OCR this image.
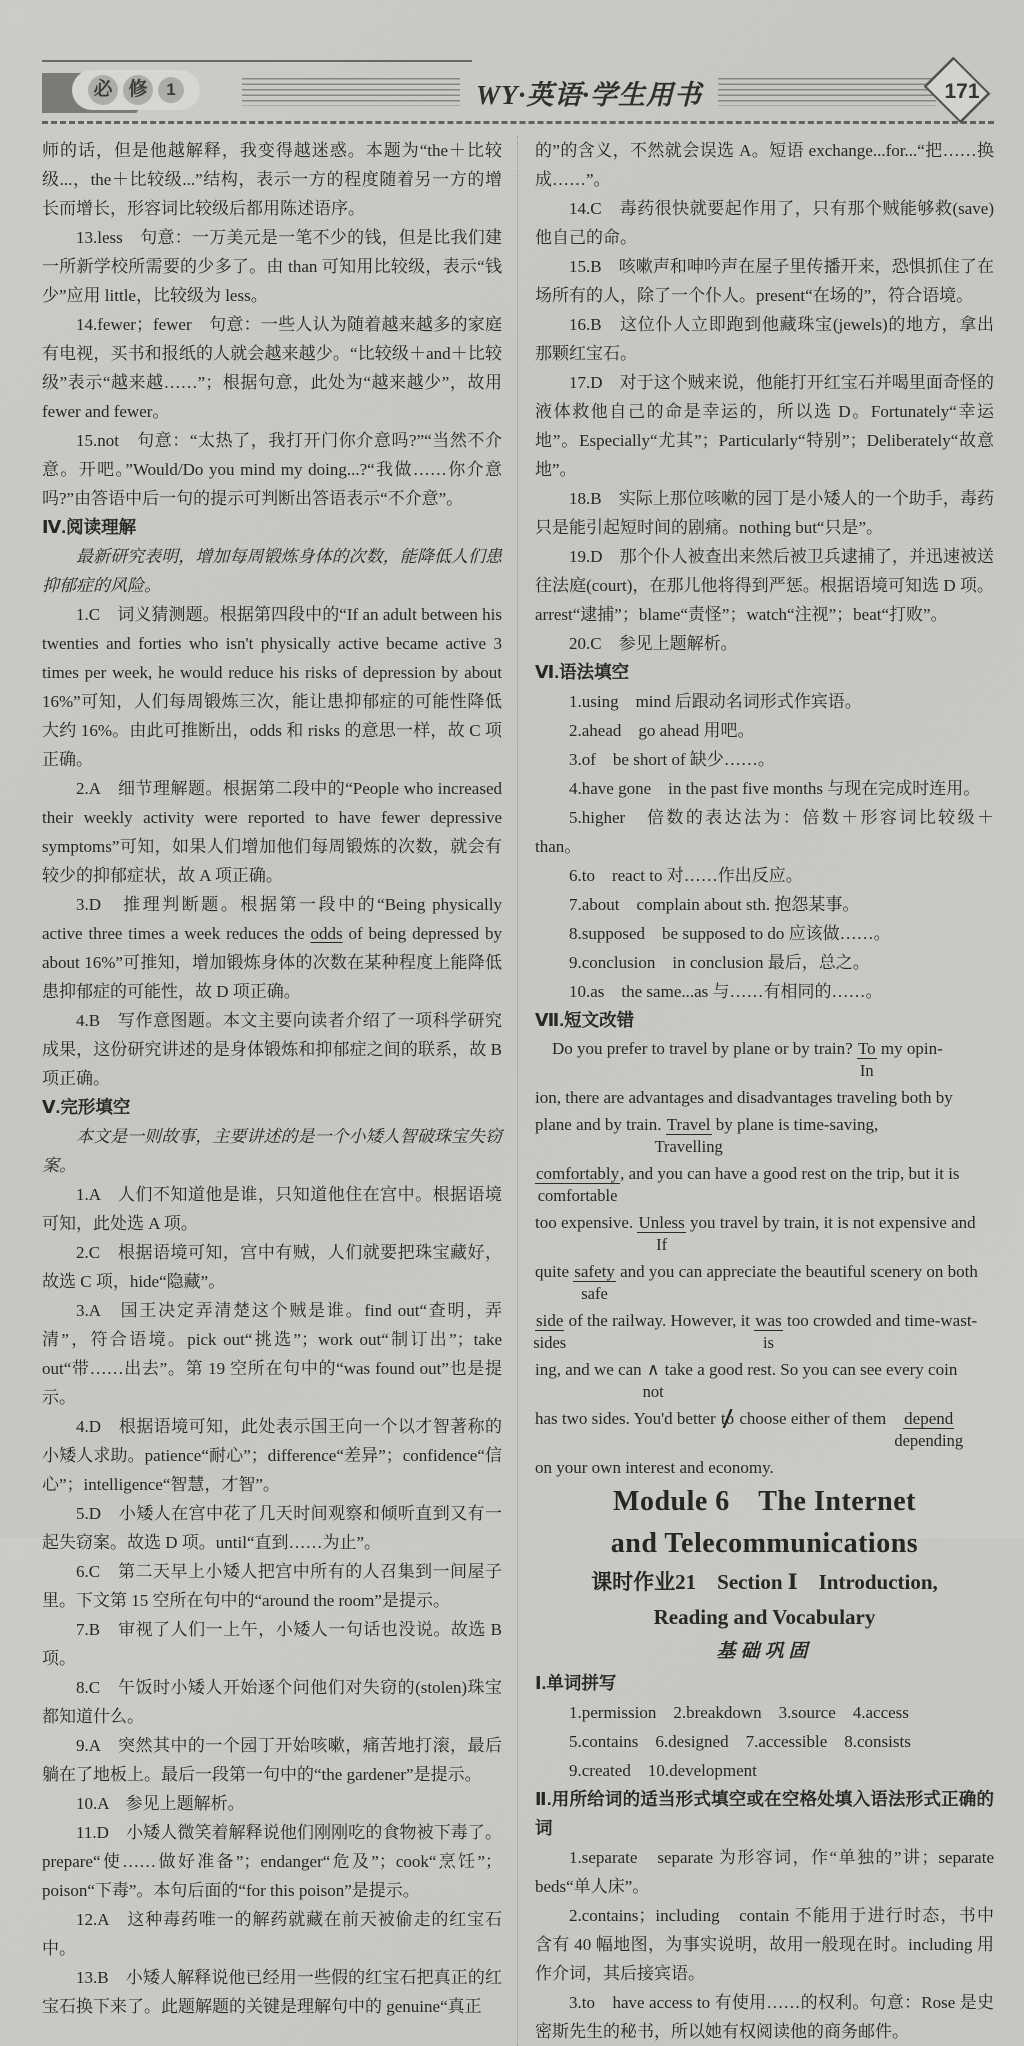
必 修	1	WY·英语·学生用书	171
师的话，但是他越解释，我变得越迷惑。本题为“the＋比较级...，the＋比较级...”结构，表示一方的程度随着另一方的增长而增长，形容词比较级后都用陈述语序。
13.less　句意：一万美元是一笔不少的钱，但是比我们建一所新学校所需要的少多了。由 than 可知用比较级，表示“钱少”应用 little，比较级为 less。
14.fewer；fewer　句意：一些人认为随着越来越多的家庭有电视，买书和报纸的人就会越来越少。“比较级＋and＋比较级”表示“越来越……”；根据句意，此处为“越来越少”，故用 fewer and fewer。
15.not　句意：“太热了，我打开门你介意吗?”“当然不介意。开吧。”Would/Do you mind my doing...?“我做……你介意吗?”由答语中后一句的提示可判断出答语表示“不介意”。
Ⅳ.阅读理解
最新研究表明，增加每周锻炼身体的次数，能降低人们患抑郁症的风险。
1.C　词义猜测题。根据第四段中的“If an adult between his twenties and forties who isn't physically active became active 3 times per week, he would reduce his risks of depression by about 16%”可知，人们每周锻炼三次，能让患抑郁症的可能性降低大约 16%。由此可推断出，odds 和 risks 的意思一样，故 C 项正确。
2.A　细节理解题。根据第二段中的“People who increased their weekly activity were reported to have fewer depressive symptoms”可知，如果人们增加他们每周锻炼的次数，就会有较少的抑郁症状，故 A 项正确。
3.D　推理判断题。根据第一段中的“Being physically active three times a week reduces the odds of being depressed by about 16%”可推知，增加锻炼身体的次数在某种程度上能降低患抑郁症的可能性，故 D 项正确。
4.B　写作意图题。本文主要向读者介绍了一项科学研究成果，这份研究讲述的是身体锻炼和抑郁症之间的联系，故 B 项正确。
Ⅴ.完形填空
本文是一则故事，主要讲述的是一个小矮人智破珠宝失窃案。
1.A　人们不知道他是谁，只知道他住在宫中。根据语境可知，此处选 A 项。
2.C　根据语境可知，宫中有贼，人们就要把珠宝藏好，故选 C 项，hide“隐藏”。
3.A　国王决定弄清楚这个贼是谁。find out“查明，弄清”，符合语境。pick out“挑选”；work out“制订出”；take out“带……出去”。第 19 空所在句中的“was found out”也是提示。
4.D　根据语境可知，此处表示国王向一个以才智著称的小矮人求助。patience“耐心”；difference“差异”；confidence“信心”；intelligence“智慧，才智”。
5.D　小矮人在宫中花了几天时间观察和倾听直到又有一起失窃案。故选 D 项。until“直到……为止”。
6.C　第二天早上小矮人把宫中所有的人召集到一间屋子里。下文第 15 空所在句中的“around the room”是提示。
7.B　审视了人们一上午，小矮人一句话也没说。故选 B 项。
8.C　午饭时小矮人开始逐个问他们对失窃的(stolen)珠宝都知道什么。
9.A　突然其中的一个园丁开始咳嗽，痛苦地打滚，最后躺在了地板上。最后一段第一句中的“the gardener”是提示。
10.A　参见上题解析。
11.D　小矮人微笑着解释说他们刚刚吃的食物被下毒了。prepare“使……做好准备”；endanger“危及”；cook“烹饪”；poison“下毒”。本句后面的“for this poison”是提示。
12.A　这种毒药唯一的解药就藏在前天被偷走的红宝石中。
13.B　小矮人解释说他已经用一些假的红宝石把真正的红宝石换下来了。此题解题的关键是理解句中的 genuine“真正
的”的含义，不然就会误选 A。短语 exchange...for...“把……换成……”。
14.C　毒药很快就要起作用了，只有那个贼能够救(save)他自己的命。
15.B　咳嗽声和呻吟声在屋子里传播开来，恐惧抓住了在场所有的人，除了一个仆人。present“在场的”，符合语境。
16.B　这位仆人立即跑到他藏珠宝(jewels)的地方，拿出那颗红宝石。
17.D　对于这个贼来说，他能打开红宝石并喝里面奇怪的液体救他自己的命是幸运的，所以选 D。Fortunately“幸运地”。Especially“尤其”；Particularly“特别”；Deliberately“故意地”。
18.B　实际上那位咳嗽的园丁是小矮人的一个助手，毒药只是能引起短时间的剧痛。nothing but“只是”。
19.D　那个仆人被查出来然后被卫兵逮捕了，并迅速被送往法庭(court)，在那儿他将得到严惩。根据语境可知选 D 项。arrest“逮捕”；blame“责怪”；watch“注视”；beat“打败”。
20.C　参见上题解析。
Ⅵ.语法填空
1.using　mind 后跟动名词形式作宾语。
2.ahead　go ahead 用吧。
3.of　be short of 缺少……。
4.have gone　in the past five months 与现在完成时连用。
5.higher　倍数的表达法为：倍数＋形容词比较级＋than。
6.to　react to 对……作出反应。
7.about　complain about sth. 抱怨某事。
8.supposed　be supposed to do 应该做……。
9.conclusion　in conclusion 最后，总之。
10.as　the same...as 与……有相同的……。
Ⅶ.短文改错
　Do you prefer to travel by plane or by train? $\frac{To}{In}$ my opin-
ion, there are advantages and disadvantages traveling both by
plane and by train. Travel
Travelling
by plane is time-saving,
comfortably
comfortable
, and you can have a good rest on the trip, but it is
too expensive. Unless
If
you travel by train, it is not expensive and
quite safety
safe
and you can appreciate the beautiful scenery on both
side
sides
of the railway. However, it was
is
too crowded and time-wast-
ing, and we can ∧
not
take a good rest. So you can see every coin
has two sides. You'd better to choose either of them　depend
depending
on your own interest and economy.
Module 6　The Internet
and Telecommunications
课时作业21　Section Ⅰ　Introduction,
Reading and Vocabulary
基础巩固
Ⅰ.单词拼写
1.permission　2.breakdown　3.source　4.access
5.contains　6.designed　7.accessible　8.consists
9.created　10.development
Ⅱ.用所给词的适当形式填空或在空格处填入语法形式正确的词
1.separate　separate 为形容词，作“单独的”讲；separate beds“单人床”。
2.contains；including　contain 不能用于进行时态，书中含有 40 幅地图，为事实说明，故用一般现在时。including 用作介词，其后接宾语。
3.to　have access to 有使用……的权利。句意：Rose 是史密斯先生的秘书，所以她有权阅读他的商务邮件。
